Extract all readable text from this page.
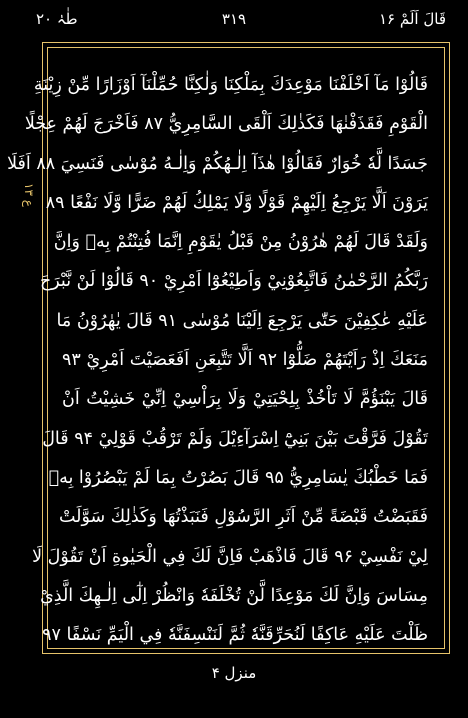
طٰہٰ ۲۰	۳۱۹	قَالَ اَلَمْ ۱۶
ع ۱۳
قَالُوْا مَآ اَخْلَفْنَا مَوْعِدَكَ بِمَلْكِنَا وَلٰكِنَّا حُمِّلْنَآ اَوْزَارًا مِّنْ زِيْنَةِ
الْقَوْمِ فَقَذَفْنٰهَا فَكَذٰلِكَ اَلْقَى السَّامِرِيُّ ۸۷ فَاَخْرَجَ لَهُمْ عِجْلًا
جَسَدًا لَّهٗ خُوَارٌ فَقَالُوْا هٰذَآ اِلٰـهُكُمْ وَاِلٰـهُ مُوْسٰى فَنَسِيَ ۸۸ اَفَلَا
يَرَوْنَ اَلَّا يَرْجِعُ اِلَيْهِمْ قَوْلًا وَّلَا يَمْلِكُ لَهُمْ ضَرًّا وَّلَا نَفْعًا ۸۹
وَلَقَدْ قَالَ لَهُمْ هٰرُوْنُ مِنْ قَبْلُ يٰقَوْمِ اِنَّمَا فُتِنْتُمْ بِهٖ وَاِنَّ
رَبَّكُمُ الرَّحْمٰنُ فَاتَّبِعُوْنِيْ وَاَطِيْعُوْٓا اَمْرِيْ ۹۰ قَالُوْا لَنْ نَّبْرَحَ
عَلَيْهِ عٰكِفِيْنَ حَتّٰى يَرْجِعَ اِلَيْنَا مُوْسٰى ۹۱ قَالَ يٰهٰرُوْنُ مَا
مَنَعَكَ اِذْ رَاَيْتَهُمْ ضَلُّوْٓا ۹۲ اَلَّا تَتَّبِعَنِ اَفَعَصَيْتَ اَمْرِيْ ۹۳
قَالَ يَبْنَؤُمَّ لَا تَاْخُذْ بِلِحْيَتِيْ وَلَا بِرَاْسِيْ اِنِّيْ خَشِيْتُ اَنْ
تَقُوْلَ فَرَّقْتَ بَيْنَ بَنِيْٓ اِسْرَآءِيْلَ وَلَمْ تَرْقُبْ قَوْلِيْ ۹۴ قَالَ
فَمَا خَطْبُكَ يٰسَامِرِيُّ ۹۵ قَالَ بَصُرْتُ بِمَا لَمْ يَبْصُرُوْا بِهٖ
فَقَبَضْتُ قَبْضَةً مِّنْ اَثَرِ الرَّسُوْلِ فَنَبَذْتُهَا وَكَذٰلِكَ سَوَّلَتْ
لِيْ نَفْسِيْ ۹۶ قَالَ فَاذْهَبْ فَاِنَّ لَكَ فِي الْحَيٰوةِ اَنْ تَقُوْلَ لَا
مِسَاسَ وَاِنَّ لَكَ مَوْعِدًا لَّنْ تُخْلَفَهٗ وَانْظُرْ اِلٰٓى اِلٰـهِكَ الَّذِيْ
ظَلْتَ عَلَيْهِ عَاكِفًا لَنُحَرِّقَنَّهٗ ثُمَّ لَنَنْسِفَنَّهٗ فِي الْيَمِّ نَسْفًا ۹۷
منزل ۴
